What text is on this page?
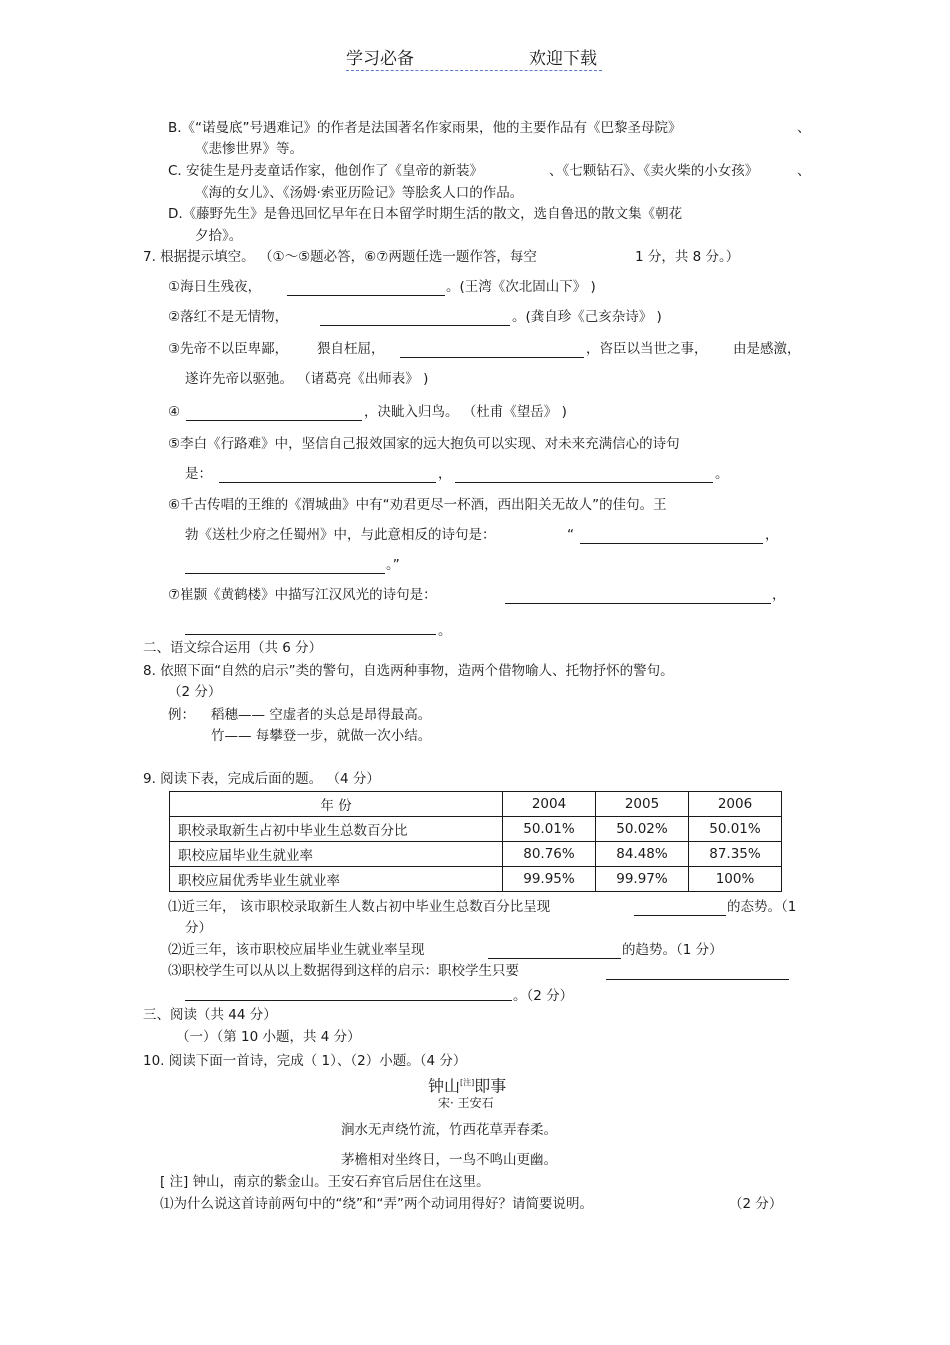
学习必备	欢迎下载
B.《“诺曼底”号遇难记》的作者是法国著名作家雨果，他的主要作品有《巴黎圣母院》	、
《悲惨世界》等。
C. 安徒生是丹麦童话作家，他创作了《皇帝的新装》	、《七颗钻石》、《卖火柴的小女孩》	、
《海的女儿》、《汤姆·索亚历险记》等脍炙人口的作品。
D.《藤野先生》是鲁迅回忆早年在日本留学时期生活的散文，选自鲁迅的散文集《朝花
夕拾》。
7. 根据提示填空。 （①～⑤题必答，⑥⑦两题任选一题作答，每空	1 分，共 8 分。）
①海日生残夜，	。(王湾《次北固山下》 )
②落红不是无情物，	。(龚自珍《己亥杂诗》 )
③先帝不以臣卑鄙， 猥自枉屈，	，咨臣以当世之事， 由是感激，
遂许先帝以驱弛。 （诸葛亮《出师表》 )
④	，决眦入归鸟。 （杜甫《望岳》 )
⑤李白《行路难》中，坚信自己报效国家的远大抱负可以实现、对未来充满信心的诗句
是：	，	。
⑥千古传唱的王维的《渭城曲》中有“劝君更尽一杯酒，西出阳关无故人”的佳句。王
勃《送杜少府之任蜀州》中，与此意相反的诗句是：	“	，
。”
⑦崔颢《黄鹤楼》中描写江汉风光的诗句是：	，
。
二、语文综合运用（共 6 分）
8. 依照下面“自然的启示”类的警句，自选两种事物，造两个借物喻人、托物抒怀的警句。
（2 分）
例： 稻穗—— 空虚者的头总是昂得最高。
竹—— 每攀登一步，就做一次小结。
9. 阅读下表，完成后面的题。 （4 分）
年 份	2004	2005	2006
职校录取新生占初中毕业生总数百分比	50.01%	50.02%	50.01%
职校应届毕业生就业率	80.76%	84.48%	87.35%
职校应届优秀毕业生就业率	99.95%	99.97%	100%
⑴近三年， 该市职校录取新生人数占初中毕业生总数百分比呈现	的态势。（1
分）
⑵近三年，该市职校应届毕业生就业率呈现	的趋势。（1 分）
⑶职校学生可以从以上数据得到这样的启示：职校学生只要
。（2 分）
三、阅读（共 44 分）
（一）（第 10 小题，共 4 分）
10. 阅读下面一首诗，完成（ 1）、（2）小题。（4 分）
钟山[注]即事
宋· 王安石
涧水无声绕竹流，竹西花草弄春柔。
茅檐相对坐终日，一鸟不鸣山更幽。
[ 注] 钟山，南京的紫金山。王安石弃官后居住在这里。
⑴为什么说这首诗前两句中的“绕”和“弄”两个动词用得好？请简要说明。	（2 分）
